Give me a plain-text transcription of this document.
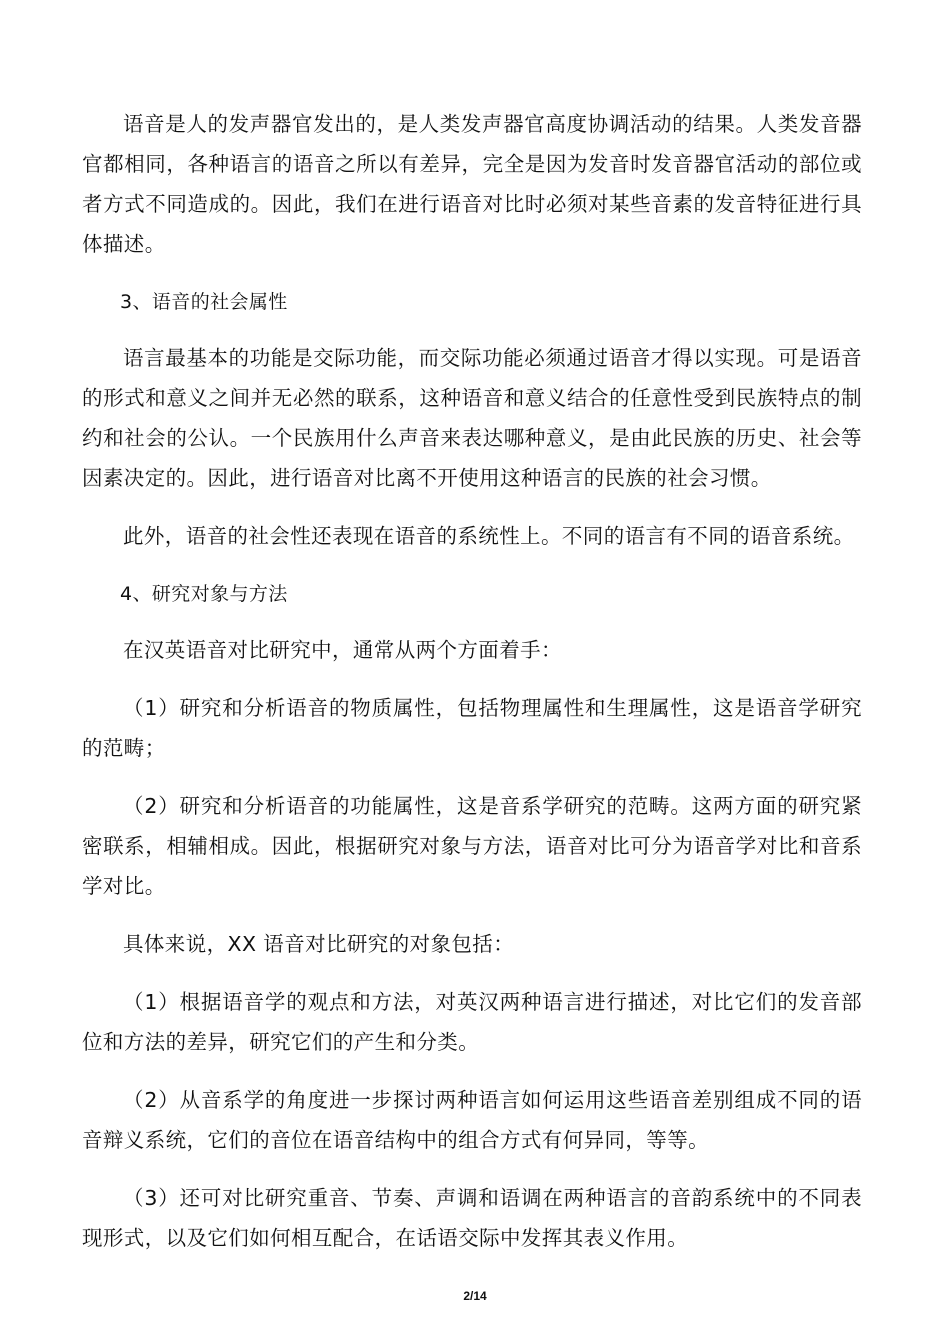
语音是人的发声器官发出的，是人类发声器官高度协调活动的结果。人类发音器官都相同，各种语言的语音之所以有差异，完全是因为发音时发音器官活动的部位或者方式不同造成的。因此，我们在进行语音对比时必须对某些音素的发音特征进行具体描述。

3、语音的社会属性

语言最基本的功能是交际功能，而交际功能必须通过语音才得以实现。可是语音的形式和意义之间并无必然的联系，这种语音和意义结合的任意性受到民族特点的制约和社会的公认。一个民族用什么声音来表达哪种意义，是由此民族的历史、社会等因素决定的。因此，进行语音对比离不开使用这种语言的民族的社会习惯。

此外，语音的社会性还表现在语音的系统性上。不同的语言有不同的语音系统。

4、研究对象与方法

在汉英语音对比研究中，通常从两个方面着手：

（1）研究和分析语音的物质属性，包括物理属性和生理属性，这是语音学研究的范畴；

（2）研究和分析语音的功能属性，这是音系学研究的范畴。这两方面的研究紧密联系，相辅相成。因此，根据研究对象与方法，语音对比可分为语音学对比和音系学对比。

具体来说，XX 语音对比研究的对象包括：

（1）根据语音学的观点和方法，对英汉两种语言进行描述，对比它们的发音部位和方法的差异，研究它们的产生和分类。

（2）从音系学的角度进一步探讨两种语言如何运用这些语音差别组成不同的语音辩义系统，它们的音位在语音结构中的组合方式有何异同，等等。

（3）还可对比研究重音、节奏、声调和语调在两种语言的音韵系统中的不同表现形式，以及它们如何相互配合，在话语交际中发挥其表义作用。

2/14
